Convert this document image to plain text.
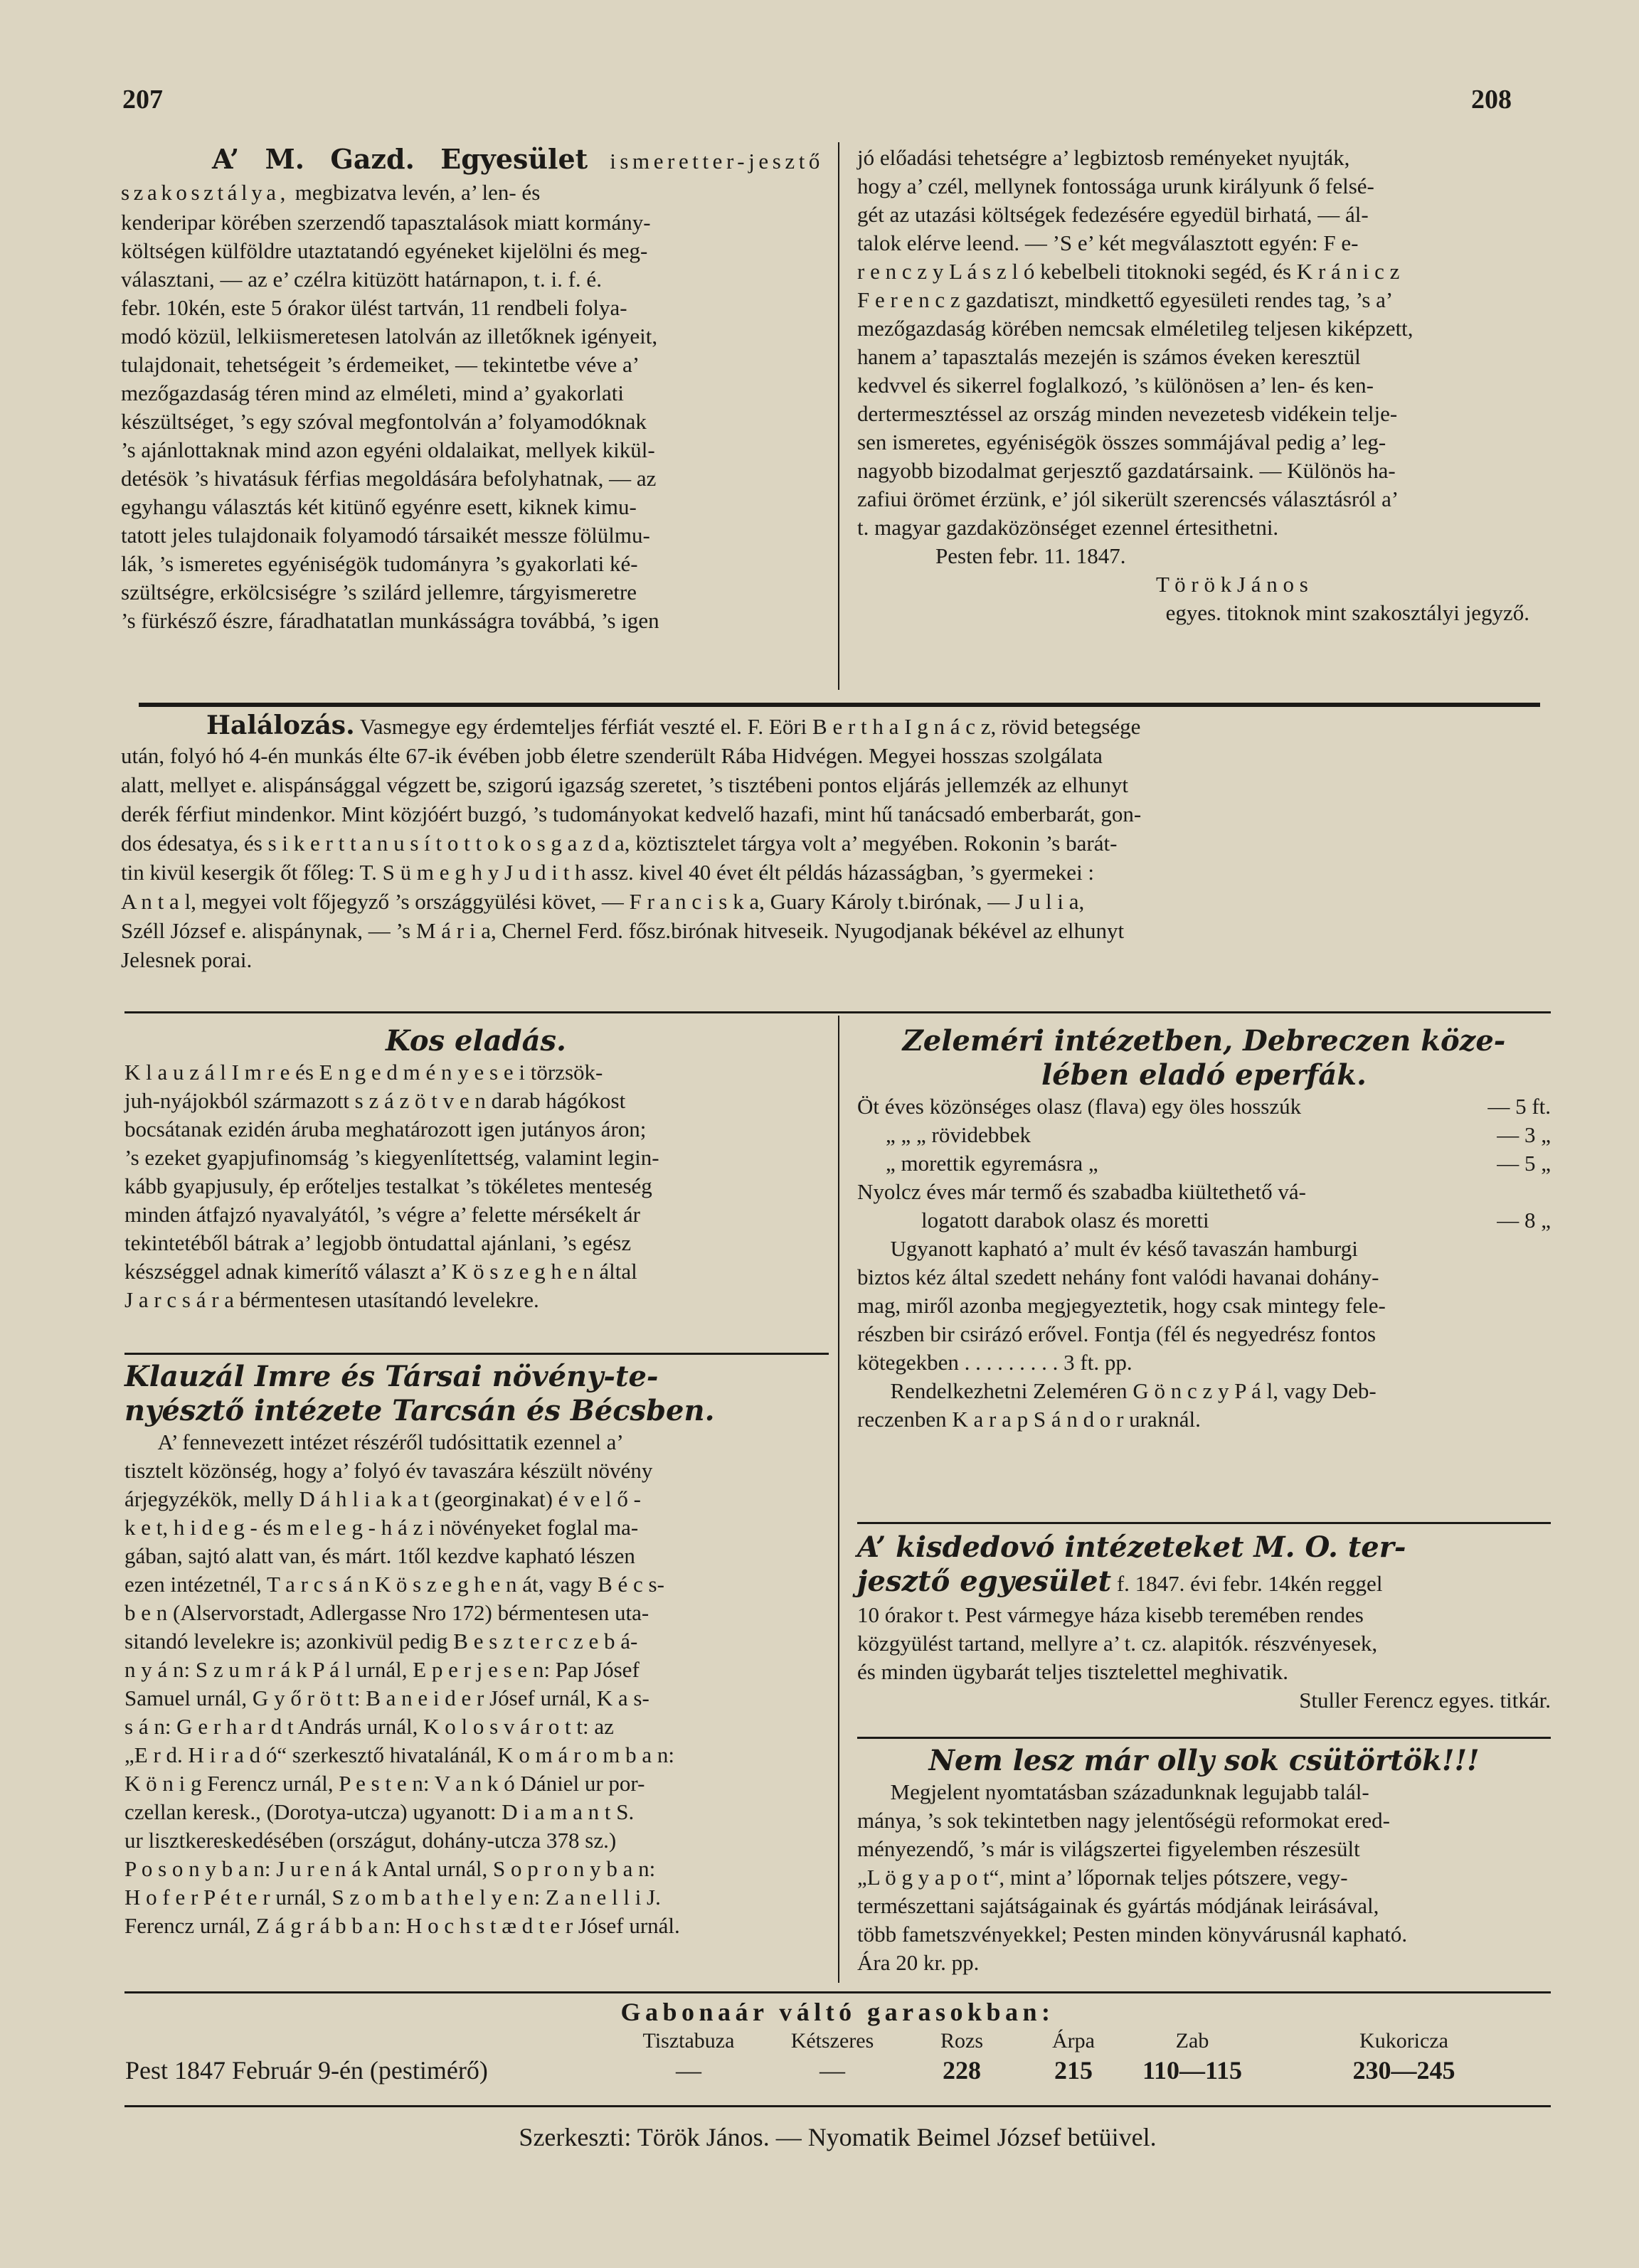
207	208

A’ M. Gazd. Egyesület ismeretter-jesztő szakosztálya, megbizatva levén, a’ len- és

kenderipar körében szerzendő tapasztalások miatt kormány-

költségen külföldre utaztatandó egyéneket kijelölni és meg-

választani, — az e’ czélra kitüzött határnapon, t. i. f. é.

febr. 10kén, este 5 órakor ülést tartván, 11 rendbeli folya-

modó közül, lelkiismeretesen latolván az illetőknek igényeit,

tulajdonait, tehetségeit ’s érdemeiket, — tekintetbe véve a’

mezőgazdaság téren mind az elméleti, mind a’ gyakorlati

készültséget, ’s egy szóval megfontolván a’ folyamodóknak

’s ajánlottaknak mind azon egyéni oldalaikat, mellyek kikül-

detésök ’s hivatásuk férfias megoldására befolyhatnak, — az

egyhangu választás két kitünő egyénre esett, kiknek kimu-

tatott jeles tulajdonaik folyamodó társaikét messze fölülmu-

lák, ’s ismeretes egyéniségök tudományra ’s gyakorlati ké-

szültségre, erkölcsiségre ’s szilárd jellemre, tárgyismeretre

’s fürkésző észre, fáradhatatlan munkásságra továbbá, ’s igen

jó előadási tehetségre a’ legbiztosb reményeket nyujták,

hogy a’ czél, mellynek fontossága urunk királyunk ő felsé-

gét az utazási költségek fedezésére egyedül birhatá, — ál-

talok elérve leend. — ’S e’ két megválasztott egyén: F e-

r e n c z y L á s z l ó kebelbeli titoknoki segéd, és K r á n i c z

F e r e n c z gazdatiszt, mindkettő egyesületi rendes tag, ’s a’

mezőgazdaság körében nemcsak elméletileg teljesen kiképzett,

hanem a’ tapasztalás mezején is számos éveken keresztül

kedvvel és sikerrel foglalkozó, ’s különösen a’ len- és ken-

dertermesztéssel az ország minden nevezetesb vidékein telje-

sen ismeretes, egyéniségök összes sommájával pedig a’ leg-

nagyobb bizodalmat gerjesztő gazdatársaink. — Különös ha-

zafiui örömet érzünk, e’ jól sikerült szerencsés választásról a’

t. magyar gazdaközönséget ezennel értesithetni.

Pesten febr. 11. 1847.

T ö r ö k J á n o s

egyes. titoknok mint szakosztályi jegyző.

Halálozás. Vasmegye egy érdemteljes férfiát veszté el. F. Eöri B e r t h a I g n á c z, rövid betegsége

után, folyó hó 4-én munkás élte 67-ik évében jobb életre szenderült Rába Hidvégen. Megyei hosszas szolgálata

alatt, mellyet e. alispánsággal végzett be, szigorú igazság szeretet, ’s tisztébeni pontos eljárás jellemzék az elhunyt

derék férfiut mindenkor. Mint közjóért buzgó, ’s tudományokat kedvelő hazafi, mint hű tanácsadó emberbarát, gon-

dos édesatya, és s i k e r t t a n u s í t o t t o k o s g a z d a, köztisztelet tárgya volt a’ megyében. Rokonin ’s barát-

tin kivül kesergik őt főleg: T. S ü m e g h y J u d i t h assz. kivel 40 évet élt példás házasságban, ’s gyermekei :

A n t a l, megyei volt főjegyző ’s országgyülési követ, — F r a n c i s k a, Guary Károly t.birónak, — J u l i a,

Széll József e. alispánynak, — ’s M á r i a, Chernel Ferd. fősz.birónak hitveseik. Nyugodjanak békével az elhunyt

Jelesnek porai.

Kos eladás.

K l a u z á l I m r e és E n g e d m é n y e s e i törzsök-

juh-nyájokból származott s z á z ö t v e n darab hágókost

bocsátanak ezidén áruba meghatározott igen jutányos áron;

’s ezeket gyapjufinomság ’s kiegyenlítettség, valamint legin-

kább gyapjusuly, ép erőteljes testalkat ’s tökéletes menteség

minden átfajzó nyavalyától, ’s végre a’ felette mérsékelt ár

tekintetéből bátrak a’ legjobb öntudattal ajánlani, ’s egész

készséggel adnak kimerítő választ a’ K ö s z e g h e n által

J a r c s á r a bérmentesen utasítandó levelekre.

Klauzál Imre és Társai növény-te-

nyésztő intézete Tarcsán és Bécsben.

A’ fennevezett intézet részéről tudósittatik ezennel a’

tisztelt közönség, hogy a’ folyó év tavaszára készült növény

árjegyzékök, melly D á h l i a k a t (georginakat) é v e l ő -

k e t, h i d e g - és m e l e g - h á z i növényeket foglal ma-

gában, sajtó alatt van, és márt. 1től kezdve kapható lészen

ezen intézetnél, T a r c s á n K ö s z e g h e n át, vagy B é c s-

b e n (Alservorstadt, Adlergasse Nro 172) bérmentesen uta-

sitandó levelekre is; azonkivül pedig B e s z t e r c z e b á-

n y á n: S z u m r á k P á l urnál, E p e r j e s e n: Pap Jósef

Samuel urnál, G y ő r ö t t: B a n e i d e r Jósef urnál, K a s-

s á n: G e r h a r d t András urnál, K o l o s v á r o t t: az

„E r d. H i r a d ó“ szerkesztő hivatalánál, K o m á r o m b a n:

K ö n i g Ferencz urnál, P e s t e n: V a n k ó Dániel ur por-

czellan keresk., (Dorotya-utcza) ugyanott: D i a m a n t S.

ur lisztkereskedésében (országut, dohány-utcza 378 sz.)

P o s o n y b a n: J u r e n á k Antal urnál, S o p r o n y b a n:

H o f e r P é t e r urnál, S z o m b a t h e l y e n: Z a n e l l i J.

Ferencz urnál, Z á g r á b b a n: H o c h s t æ d t e r Jósef urnál.

Zeleméri intézetben, Debreczen köze-

lében eladó eperfák.

Öt éves közönséges olasz (flava) egy öles hosszúk	— 5 ft.
„ „ „ rövidebbek	— 3 „
„ morettik egyremásra „	— 5 „
Nyolcz éves már termő és szabadba kiültethető vá-
logatott darabok olasz és moretti	— 8 „

Ugyanott kapható a’ mult év késő tavaszán hamburgi

biztos kéz által szedett nehány font valódi havanai dohány-

mag, miről azonba megjegyeztetik, hogy csak mintegy fele-

részben bir csirázó erővel. Fontja (fél és negyedrész fontos

kötegekben . . . . . . . . . 3 ft. pp.

Rendelkezhetni Zeleméren G ö n c z y P á l, vagy Deb-

reczenben K a r a p S á n d o r uraknál.

A’ kisdedovó intézeteket M. O. ter-

jesztő egyesület f. 1847. évi febr. 14kén reggel

10 órakor t. Pest vármegye háza kisebb teremében rendes

közgyülést tartand, mellyre a’ t. cz. alapitók. részvényesek,

és minden ügybarát teljes tisztelettel meghivatik.

Stuller Ferencz egyes. titkár.

Nem lesz már olly sok csütörtök!!!

Megjelent nyomtatásban századunknak legujabb talál-

mánya, ’s sok tekintetben nagy jelentőségü reformokat ered-

ményezendő, ’s már is világszertei figyelemben részesült

„L ö g y a p o t“, mint a’ lőpornak teljes pótszere, vegy-

természettani sajátságainak és gyártás módjának leirásával,

több fametszvényekkel; Pesten minden könyvárusnál kapható.

Ára 20 kr. pp.

Gabonaár váltó garasokban:

	Tisztabuza	Kétszeres	Rozs	Árpa	Zab	Kukoricza
Pest 1847 Február 9-én (pestimérő)	—	—	228	215	110—115	230—245
Szerkeszti: Török János. — Nyomatik Beimel József betüivel.
